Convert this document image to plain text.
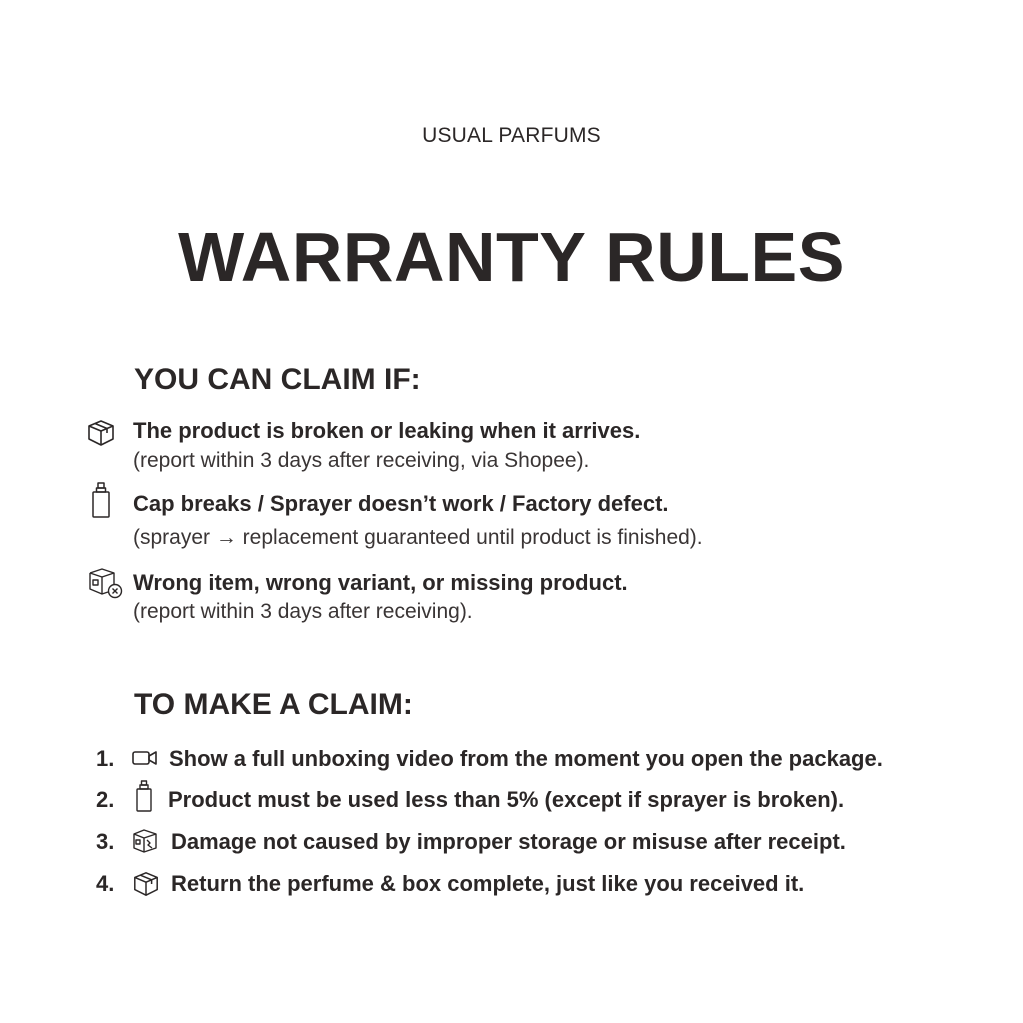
USUAL PARFUMS
WARRANTY RULES
YOU CAN CLAIM IF:
The product is broken or leaking when it arrives.
(report within 3 days after receiving, via Shopee).
Cap breaks / Sprayer doesn’t work / Factory defect.
(sprayer → replacement guaranteed until product is finished).
Wrong item, wrong variant, or missing product.
(report within 3 days after receiving).
TO MAKE A CLAIM:
1. Show a full unboxing video from the moment you open the package.
2. Product must be used less than 5% (except if sprayer is broken).
3.	Damage not caused by improper storage or misuse after receipt.
4.	Return the perfume & box complete, just like you received it.
